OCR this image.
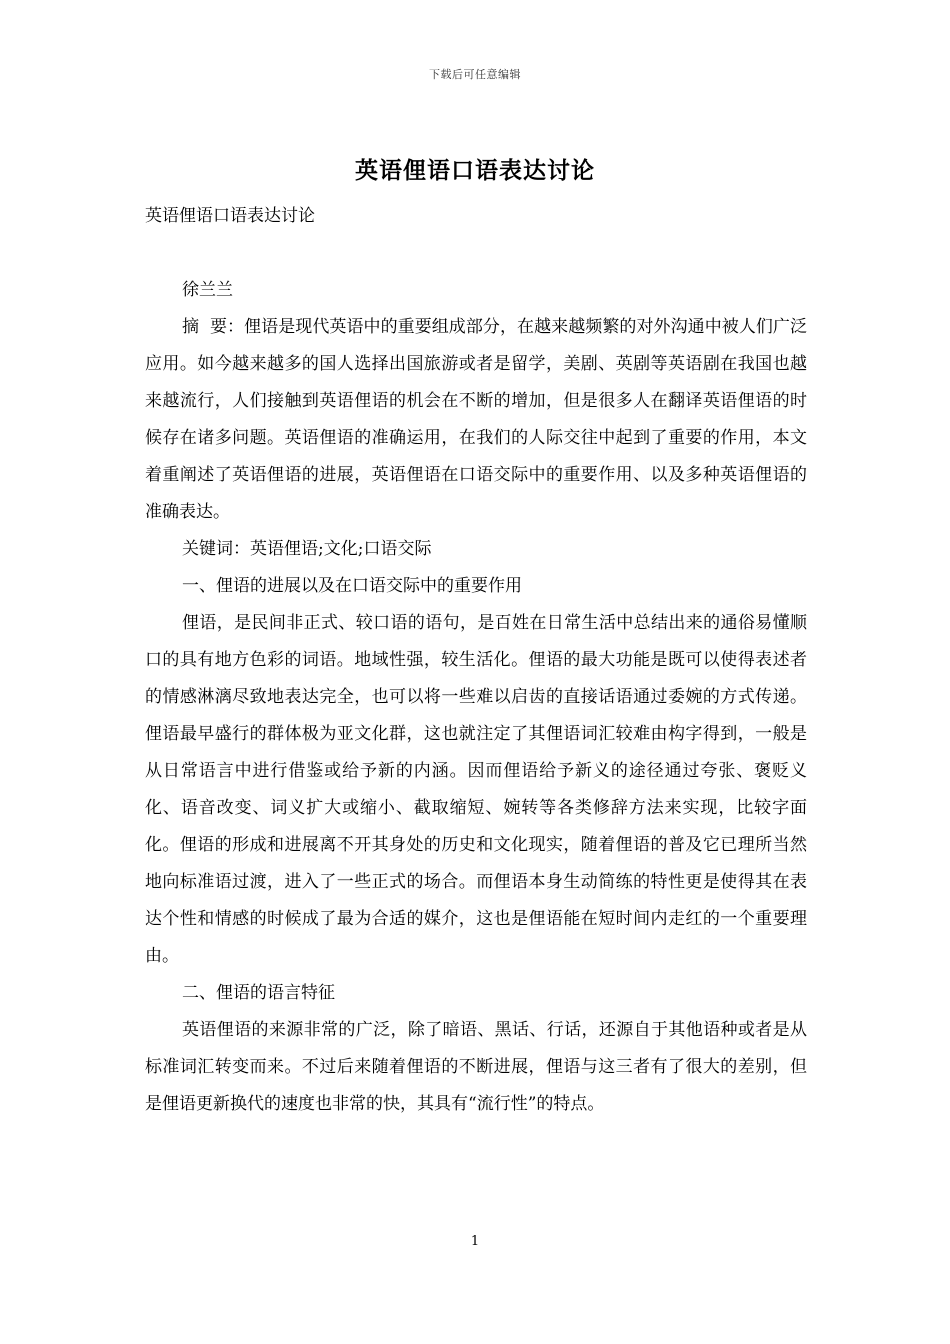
下载后可任意编辑
英语俚语口语表达讨论

英语俚语口语表达讨论

徐兰兰

摘  要：俚语是现代英语中的重要组成部分，在越来越频繁的对外沟通中被人们广泛应用。如今越来越多的国人选择出国旅游或者是留学，美剧、英剧等英语剧在我国也越来越流行，人们接触到英语俚语的机会在不断的增加，但是很多人在翻译英语俚语的时候存在诸多问题。英语俚语的准确运用，在我们的人际交往中起到了重要的作用，本文着重阐述了英语俚语的进展，英语俚语在口语交际中的重要作用、以及多种英语俚语的准确表达。

关键词：英语俚语;文化;口语交际

一、俚语的进展以及在口语交际中的重要作用

俚语，是民间非正式、较口语的语句，是百姓在日常生活中总结出来的通俗易懂顺口的具有地方色彩的词语。地域性强，较生活化。俚语的最大功能是既可以使得表述者的情感淋漓尽致地表达完全，也可以将一些难以启齿的直接话语通过委婉的方式传递。俚语最早盛行的群体极为亚文化群，这也就注定了其俚语词汇较难由构字得到，一般是从日常语言中进行借鉴或给予新的内涵。因而俚语给予新义的途径通过夸张、褒贬义化、语音改变、词义扩大或缩小、截取缩短、婉转等各类修辞方法来实现，比较字面化。俚语的形成和进展离不开其身处的历史和文化现实，随着俚语的普及它已理所当然地向标准语过渡，进入了一些正式的场合。而俚语本身生动简练的特性更是使得其在表达个性和情感的时候成了最为合适的媒介，这也是俚语能在短时间内走红的一个重要理由。

二、俚语的语言特征

英语俚语的来源非常的广泛，除了暗语、黑话、行话，还源自于其他语种或者是从标准词汇转变而来。不过后来随着俚语的不断进展，俚语与这三者有了很大的差别，但是俚语更新换代的速度也非常的快，其具有“流行性”的特点。

1
